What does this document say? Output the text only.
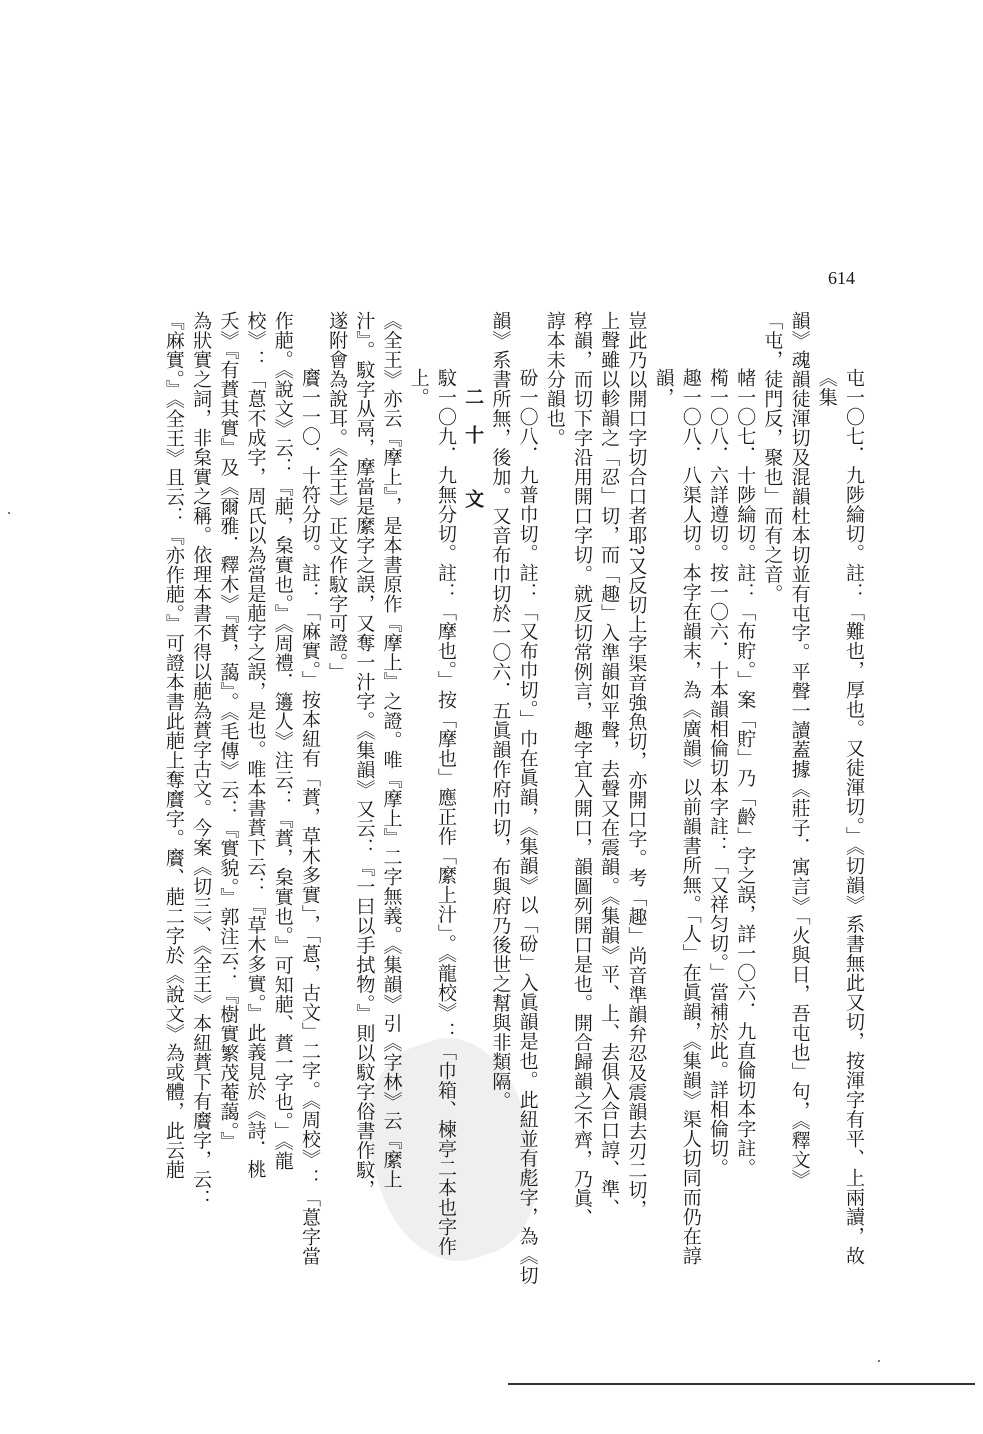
614

屯一〇七．九陟綸切。註：「難也，厚也。又徒渾切。」《切韻》系書無此又切，按渾字有平、上兩讀，故《集

韻》魂韻徒渾切及混韻杜本切並有屯字。平聲一讀蓋據《莊子．寓言》「火與日，吾屯也」句，《釋文》

「屯，徒門反，聚也」而有之音。

帾一〇七．十陟綸切。註：「布貯。」案「貯」乃「齡」字之誤，詳一〇六．九直倫切本字註。

橁一〇八．六詳遵切。按一〇六．十本韻相倫切本字註：「又祥匀切。」當補於此。詳相倫切。

趣一〇八．八渠人切。本字在韻末，為《廣韻》以前韻書所無。「人」在眞韻，《集韻》渠人切同而仍在諄韻，

豈此乃以開口字切合口者耶?又反切上字渠音強魚切，亦開口字。考「趣」尚音準韻弁忍及震韻去刃二切，

上聲雖以軫韻之「忍」切，而「趣」入準韻如平聲，去聲又在震韻。《集韻》平、上、去俱入合口諄、準、

稕韻，而切下字沿用開口字切。就反切常例言，趣字宜入開口，韻圖列開口是也。開合歸韻之不齊，乃眞、

諄本未分韻也。

砏一〇八．九普巾切。註：「又布巾切。」巾在眞韻，《集韻》以「砏」入眞韻是也。此紐並有彪字，為《切

韻》系書所無，後加。又音布巾切於一〇六．五眞韻作府巾切，布與府乃後世之幫與非類隔。

二十 文

馼一〇九．九無分切。註：「摩也。」按「摩也」應正作「縻上汁」。《龍校》：「巾箱、楝亭二本也字作上。

《全王》亦云『摩上』，是本書原作『摩上』之證。唯『摩上』二字無義。《集韻》引《字林》云『縻上

汁』。馼字从鬲，摩當是縻字之誤，又奪一汁字。《集韻》又云：『一曰以手拭物。』則以馼字俗書作馼，

遂附會為說耳。《全王》正文作馼字可證。」

黂一一〇．十符分切。註：「麻實。」按本紐有「蕡，草木多實」，「蒠，古文」二字。《周校》：「蒠字當

作萉。《說文》云：『萉，枲實也。』《周禮．籩人》注云：『蕡，枲實也。』可知萉、蕡一字也。」《龍

校》：「蒠不成字，周氏以為當是萉字之誤，是也。唯本書蕡下云：『草木多實。』此義見於《詩．桃

夭》『有蕡其實』及《爾雅．釋木》『蕡，藹』。《毛傳》云：『實貌。』郭注云：『樹實繁茂菴藹。』

為狀實之詞，非枲實之稱。依理本書不得以萉為蕡字古文。今案《切三》、《全王》本紐蕡下有黂字，云：

『麻實。』《全王》且云：『亦作萉。』可證本書此萉上奪黂字。黂、萉二字於《說文》為或體，此云萉
